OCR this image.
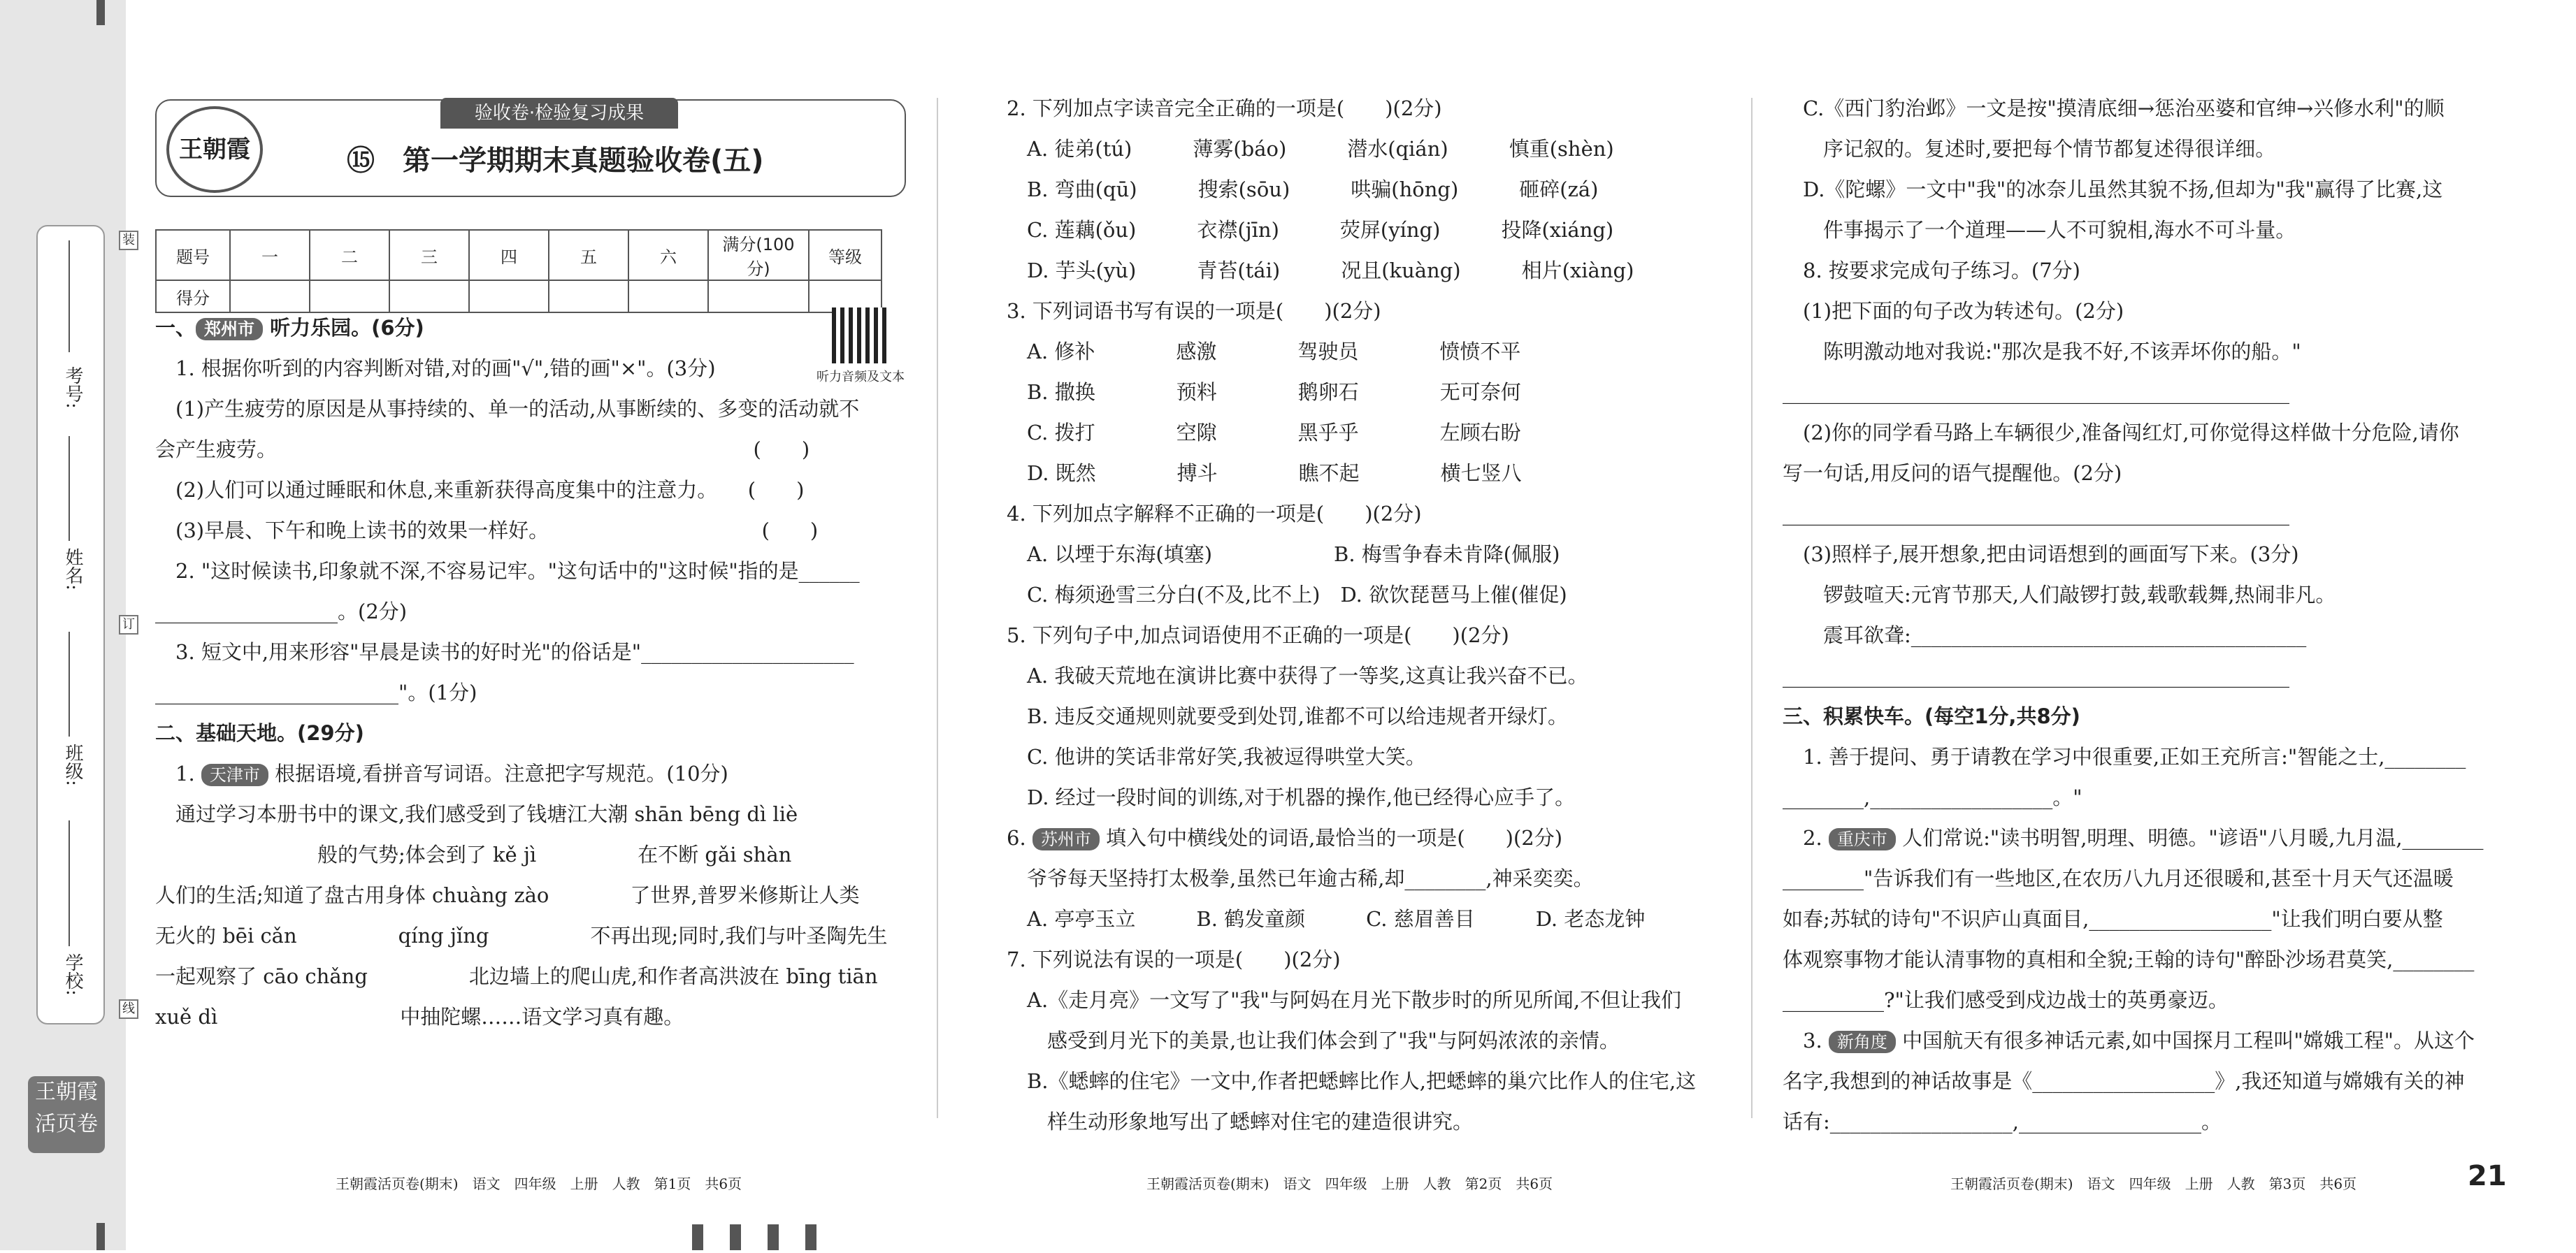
考号:
姓名:
班级:
学校:
王朝霞活页卷
装
订
线
验收卷·检验复习成果
王朝霞	⑮　 第一学期期末真题验收卷(五)
题号	一	二	三	四	五	六	满分(100分)	等级
得分								
听力音频及文本

一、 郑州市 听力乐园。(6分)

　1. 根据你听到的内容判断对错,对的画"√",错的画"×"。(3分)

　(1)产生疲劳的原因是从事持续的、单一的活动,从事断续的、多变的活动就不

会产生疲劳。　　　　　　　　　　　　　　　　　　　　　　　　(　　)

　(2)人们可以通过睡眠和休息,来重新获得高度集中的注意力。　　(　　)

　(3)早晨、下午和晚上读书的效果一样好。　　　　　　　　　　　(　　)

　2. "这时候读书,印象就不深,不容易记牢。"这句话中的"这时候"指的是______

__________________。(2分)

　3. 短文中,用来形容"早晨是读书的好时光"的俗话是"_____________________

________________________"。(1分)

二、基础天地。(29分)

　1. 天津市 根据语境,看拼音写词语。注意把字写规范。(10分)

　通过学习本册书中的课文,我们感受到了钱塘江大潮 shān bēng dì liè

　　　　　　　　般的气势;体会到了 kě jì　　　　　在不断 gǎi shàn

人们的生活;知道了盘古用身体 chuàng zào　　　　了世界,普罗米修斯让人类

无火的 bēi cǎn　　　　　qíng jǐng　　　　　不再出现;同时,我们与叶圣陶先生

一起观察了 cāo chǎng　　　　　北边墙上的爬山虎,和作者高洪波在 bīng tiān

xuě dì　　　　　　　　　中抽陀螺……语文学习真有趣。

2. 下列加点字读音完全正确的一项是(　　)(2分)

　A. 徒弟(tú)　　　薄雾(báo)　　　潜水(qián)　　　慎重(shèn)

　B. 弯曲(qū)　　　搜索(sōu)　　　哄骗(hōng)　　　砸碎(zá)

　C. 莲藕(ǒu)　　　衣襟(jīn)　　　荧屏(yíng)　　　投降(xiáng)

　D. 芋头(yù)　　　青苔(tái)　　　况且(kuàng)　　　相片(xiàng)

3. 下列词语书写有误的一项是(　　)(2分)

　A. 修补　　　　感激　　　　驾驶员　　　　愤愤不平

　B. 撒换　　　　预料　　　　鹅卵石　　　　无可奈何

　C. 拨打　　　　空隙　　　　黑乎乎　　　　左顾右盼

　D. 既然　　　　搏斗　　　　瞧不起　　　　横七竖八

4. 下列加点字解释不正确的一项是(　　)(2分)

　A. 以堙于东海(填塞)　　　　　　B. 梅雪争春未肯降(佩服)

　C. 梅须逊雪三分白(不及,比不上)　D. 欲饮琵琶马上催(催促)

5. 下列句子中,加点词语使用不正确的一项是(　　)(2分)

　A. 我破天荒地在演讲比赛中获得了一等奖,这真让我兴奋不已。

　B. 违反交通规则就要受到处罚,谁都不可以给违规者开绿灯。

　C. 他讲的笑话非常好笑,我被逗得哄堂大笑。

　D. 经过一段时间的训练,对于机器的操作,他已经得心应手了。

6. 苏州市 填入句中横线处的词语,最恰当的一项是(　　)(2分)

　爷爷每天坚持打太极拳,虽然已年逾古稀,却________,神采奕奕。

　A. 亭亭玉立　　　B. 鹤发童颜　　　C. 慈眉善目　　　D. 老态龙钟

7. 下列说法有误的一项是(　　)(2分)

　A.《走月亮》一文写了"我"与阿妈在月光下散步时的所见所闻,不但让我们

　　感受到月光下的美景,也让我们体会到了"我"与阿妈浓浓的亲情。

　B.《蟋蟀的住宅》一文中,作者把蟋蟀比作人,把蟋蟀的巢穴比作人的住宅,这

　　样生动形象地写出了蟋蟀对住宅的建造很讲究。

　C.《西门豹治邺》一文是按"摸清底细→惩治巫婆和官绅→兴修水利"的顺

　　序记叙的。复述时,要把每个情节都复述得很详细。

　D.《陀螺》一文中"我"的冰奈儿虽然其貌不扬,但却为"我"赢得了比赛,这

　　件事揭示了一个道理——人不可貌相,海水不可斗量。

　8. 按要求完成句子练习。(7分)

　(1)把下面的句子改为转述句。(2分)

　　陈明激动地对我说:"那次是我不好,不该弄坏你的船。"

__________________________________________________

　(2)你的同学看马路上车辆很少,准备闯红灯,可你觉得这样做十分危险,请你

写一句话,用反问的语气提醒他。(2分)

__________________________________________________

　(3)照样子,展开想象,把由词语想到的画面写下来。(3分)

　　锣鼓喧天:元宵节那天,人们敲锣打鼓,载歌载舞,热闹非凡。

　　震耳欲聋:_______________________________________

__________________________________________________

三、积累快车。(每空1分,共8分)

　1. 善于提问、勇于请教在学习中很重要,正如王充所言:"智能之士,________

________,__________________。"

　2. 重庆市 人们常说:"读书明智,明理、明德。"谚语"八月暖,九月温,________

________"告诉我们有一些地区,在农历八九月还很暖和,甚至十月天气还温暖

如春;苏轼的诗句"不识庐山真面目,__________________"让我们明白要从整

体观察事物才能认清事物的真相和全貌;王翰的诗句"醉卧沙场君莫笑,________

__________?"让我们感受到戍边战士的英勇豪迈。

　3. 新角度 中国航天有很多神话元素,如中国探月工程叫"嫦娥工程"。从这个

名字,我想到的神话故事是《__________________》,我还知道与嫦娥有关的神

话有:__________________,__________________。

王朝霞活页卷(期末)　语文　四年级　上册　人教　第1页　共6页	王朝霞活页卷(期末)　语文　四年级　上册　人教　第2页　共6页	王朝霞活页卷(期末)　语文　四年级　上册　人教　第3页　共6页	21
